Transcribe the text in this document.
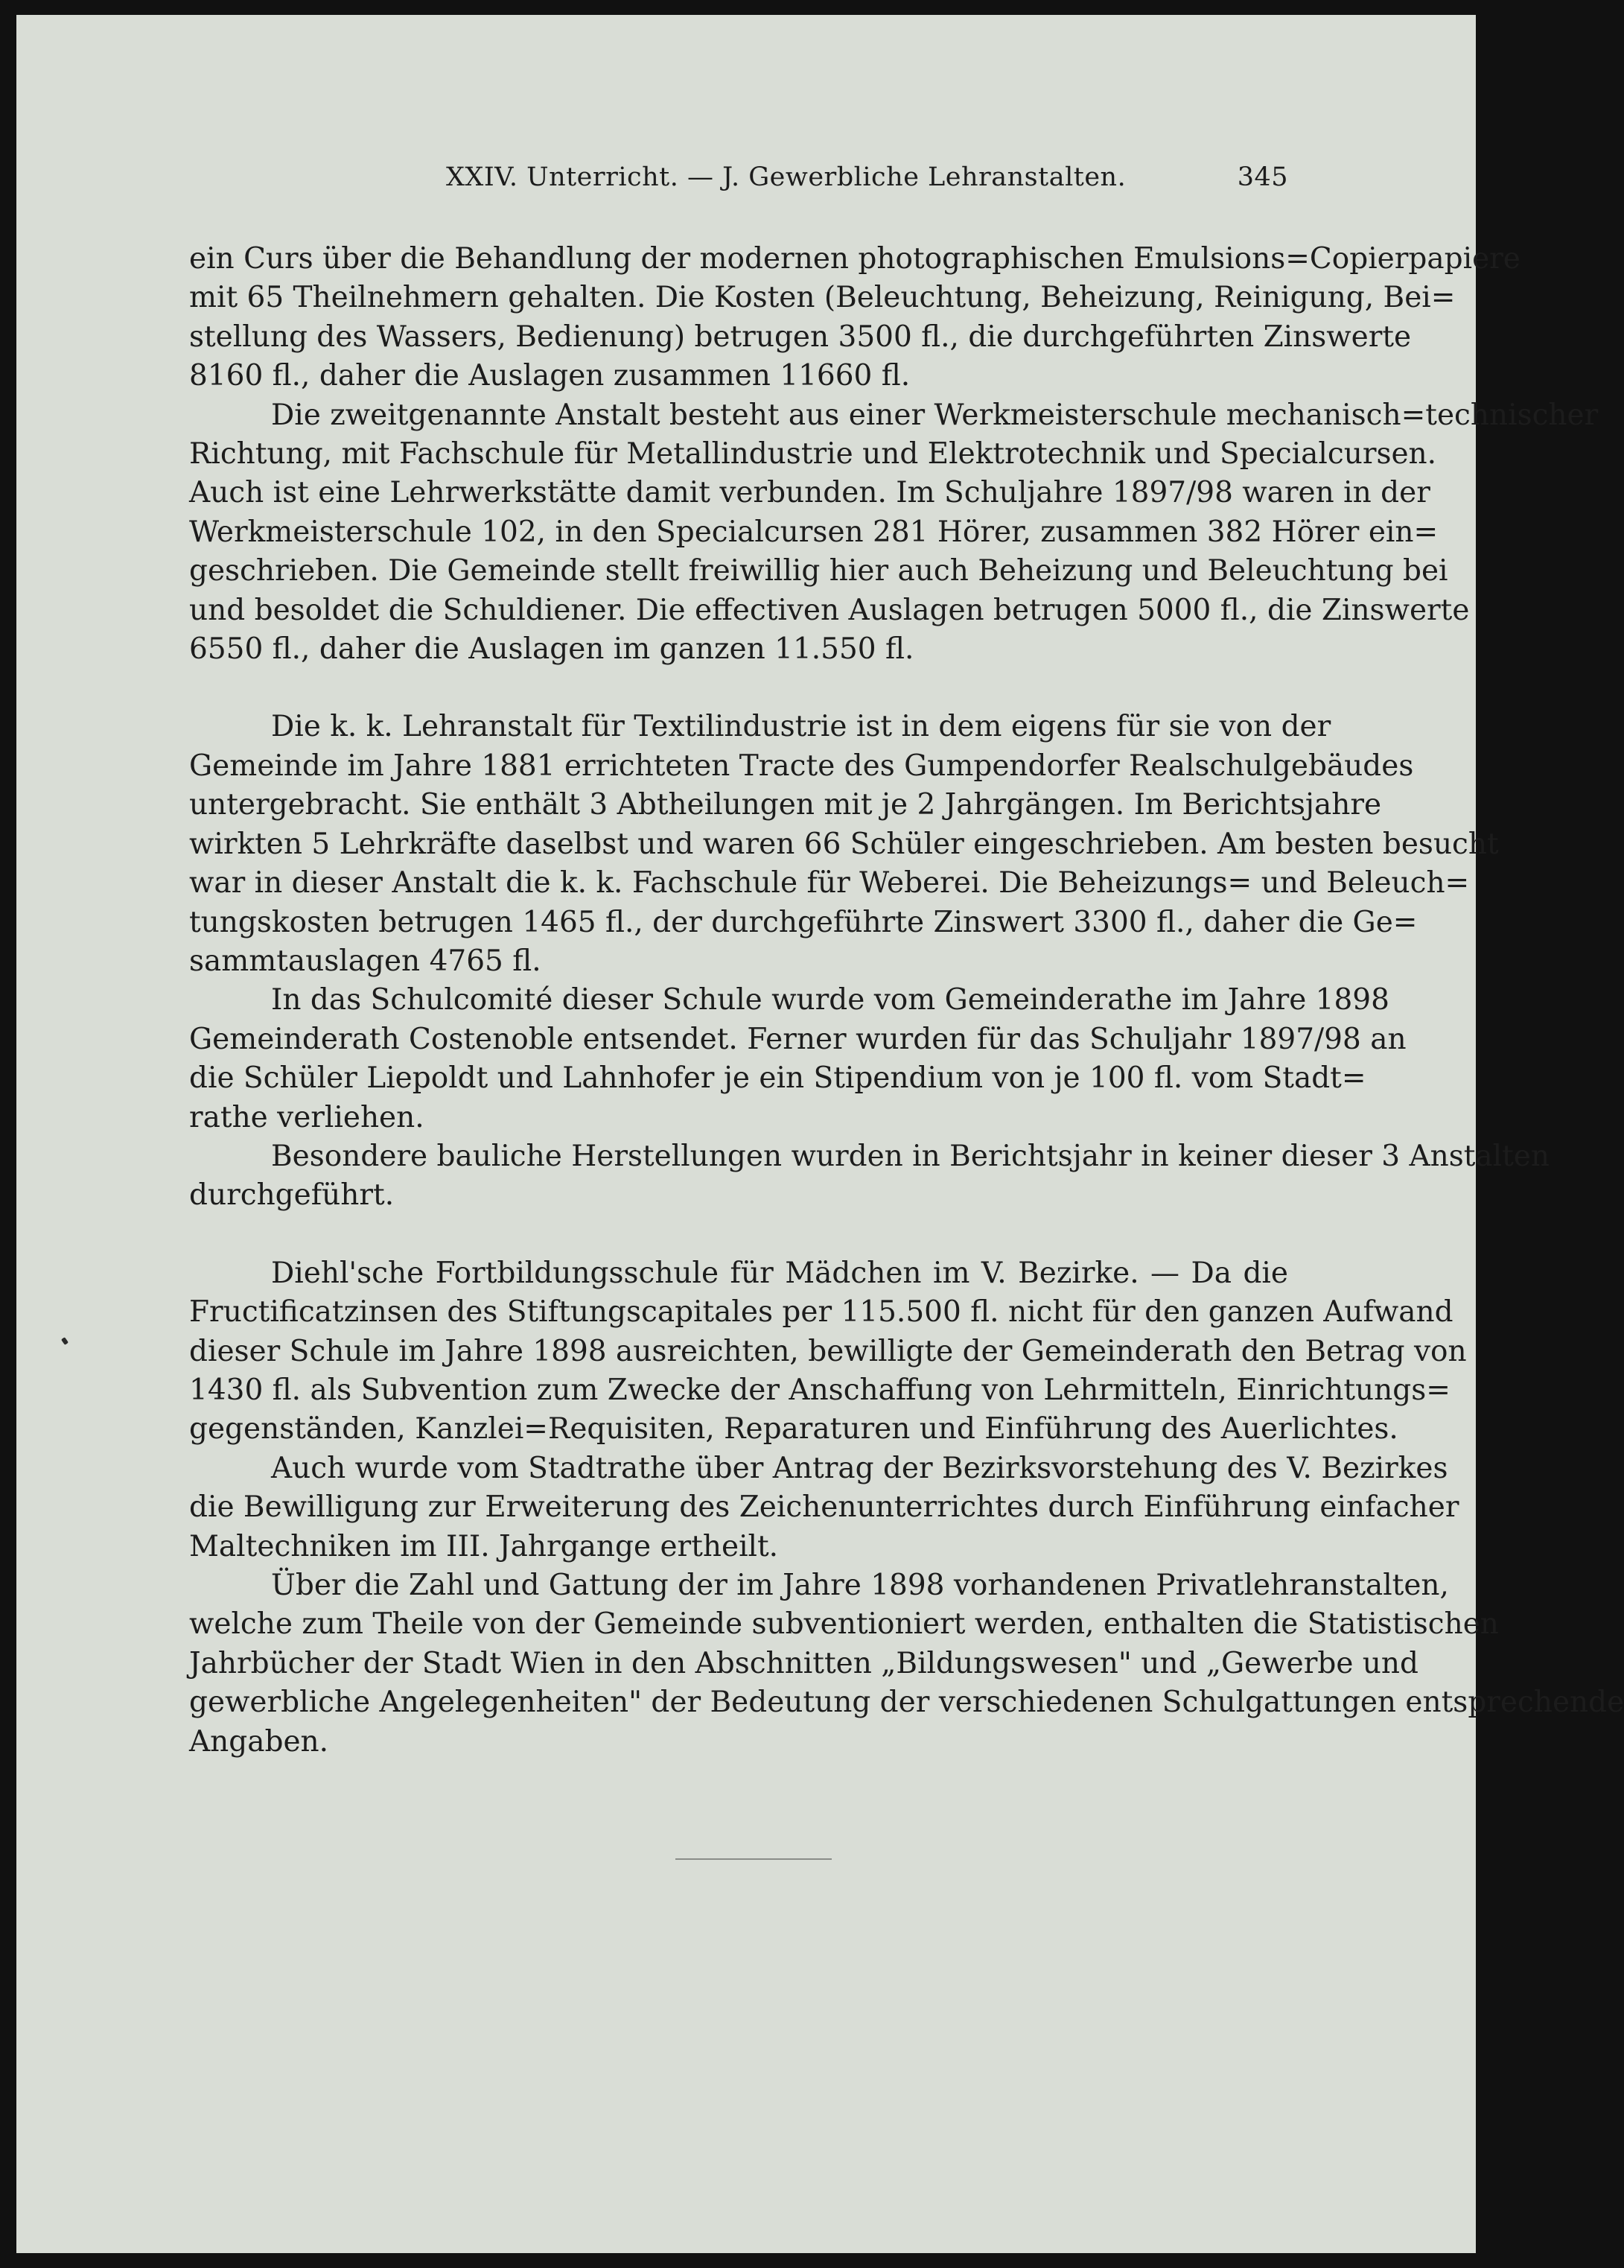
XXIV. Unterricht. — J. Gewerbliche Lehranstalten.	345
ein Curs über die Behandlung der modernen photographischen Emulsions=Copierpapiere
mit 65 Theilnehmern gehalten. Die Kosten (Beleuchtung, Beheizung, Reinigung, Bei=
stellung des Wassers, Bedienung) betrugen 3500 fl., die durchgeführten Zinswerte
8160 fl., daher die Auslagen zusammen 11660 fl.
Die zweitgenannte Anstalt besteht aus einer Werkmeisterschule mechanisch=technischer
Richtung, mit Fachschule für Metallindustrie und Elektrotechnik und Specialcursen.
Auch ist eine Lehrwerkstätte damit verbunden. Im Schuljahre 1897/98 waren in der
Werkmeisterschule 102, in den Specialcursen 281 Hörer, zusammen 382 Hörer ein=
geschrieben. Die Gemeinde stellt freiwillig hier auch Beheizung und Beleuchtung bei
und besoldet die Schuldiener. Die effectiven Auslagen betrugen 5000 fl., die Zinswerte
6550 fl., daher die Auslagen im ganzen 11.550 fl.
Die k. k. Lehranstalt für Textilindustrie ist in dem eigens für sie von der
Gemeinde im Jahre 1881 errichteten Tracte des Gumpendorfer Realschulgebäudes
untergebracht. Sie enthält 3 Abtheilungen mit je 2 Jahrgängen. Im Berichtsjahre
wirkten 5 Lehrkräfte daselbst und waren 66 Schüler eingeschrieben. Am besten besucht
war in dieser Anstalt die k. k. Fachschule für Weberei. Die Beheizungs= und Beleuch=
tungskosten betrugen 1465 fl., der durchgeführte Zinswert 3300 fl., daher die Ge=
sammtauslagen 4765 fl.
In das Schulcomité dieser Schule wurde vom Gemeinderathe im Jahre 1898
Gemeinderath Costenoble entsendet. Ferner wurden für das Schuljahr 1897/98 an
die Schüler Liepoldt und Lahnhofer je ein Stipendium von je 100 fl. vom Stadt=
rathe verliehen.
Besondere bauliche Herstellungen wurden in Berichtsjahr in keiner dieser 3 Anstalten
durchgeführt.
Diehl'sche Fortbildungsschule für Mädchen im V. Bezirke. — Da die
Fructificatzinsen des Stiftungscapitales per 115.500 fl. nicht für den ganzen Aufwand
dieser Schule im Jahre 1898 ausreichten, bewilligte der Gemeinderath den Betrag von
1430 fl. als Subvention zum Zwecke der Anschaffung von Lehrmitteln, Einrichtungs=
gegenständen, Kanzlei=Requisiten, Reparaturen und Einführung des Auerlichtes.
Auch wurde vom Stadtrathe über Antrag der Bezirksvorstehung des V. Bezirkes
die Bewilligung zur Erweiterung des Zeichenunterrichtes durch Einführung einfacher
Maltechniken im III. Jahrgange ertheilt.
Über die Zahl und Gattung der im Jahre 1898 vorhandenen Privatlehranstalten,
welche zum Theile von der Gemeinde subventioniert werden, enthalten die Statistischen
Jahrbücher der Stadt Wien in den Abschnitten „Bildungswesen" und „Gewerbe und
gewerbliche Angelegenheiten" der Bedeutung der verschiedenen Schulgattungen entsprechende
Angaben.
